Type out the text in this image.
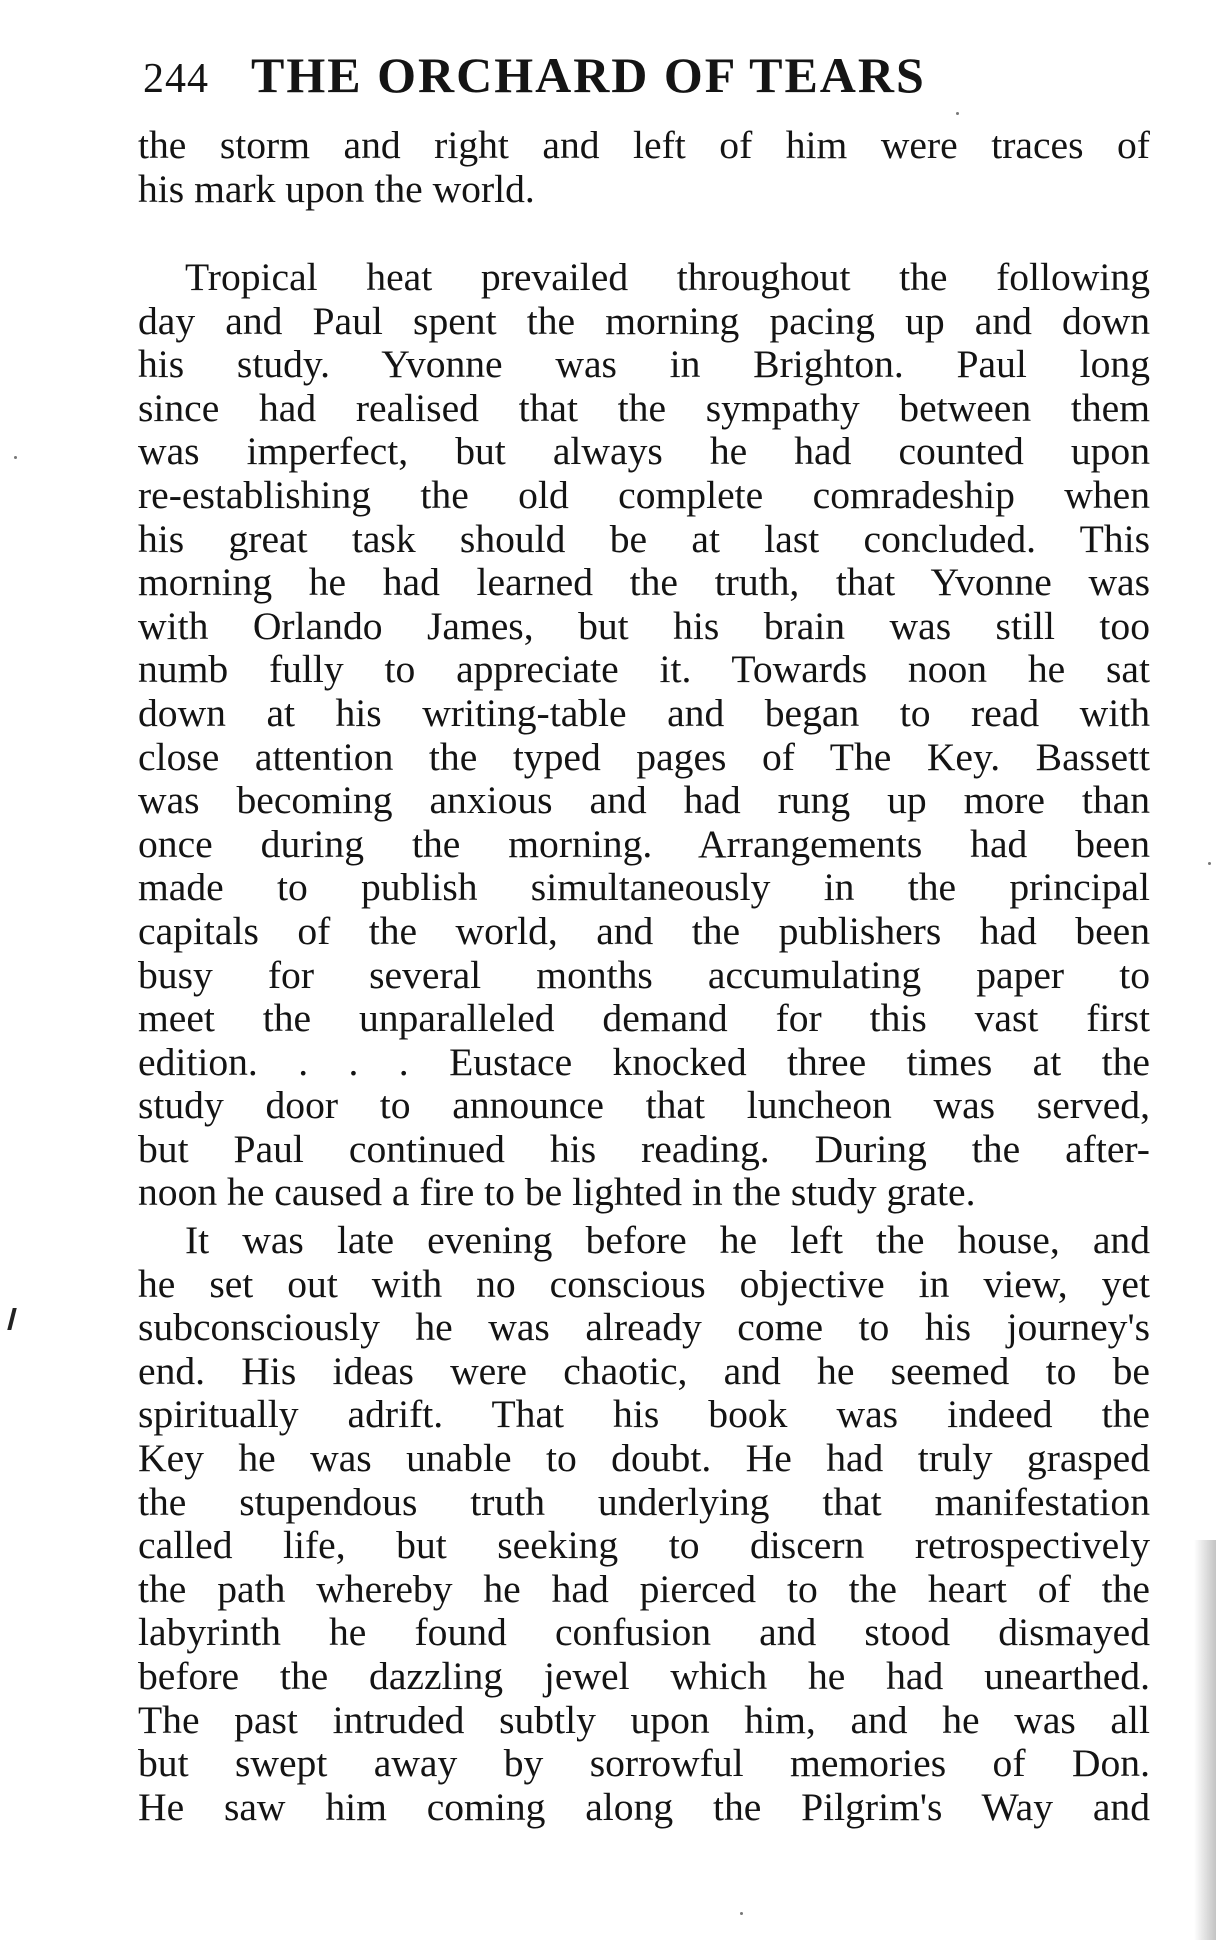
244 THE ORCHARD OF TEARS
the storm and right and left of him were traces of
his mark upon the world.
Tropical heat prevailed throughout the following
day and Paul spent the morning pacing up and down
his study. Yvonne was in Brighton. Paul long
since had realised that the sympathy between them
was imperfect, but always he had counted upon
re-establishing the old complete comradeship when
his great task should be at last concluded. This
morning he had learned the truth, that Yvonne was
with Orlando James, but his brain was still too
numb fully to appreciate it. Towards noon he sat
down at his writing-table and began to read with
close attention the typed pages of The Key. Bassett
was becoming anxious and had rung up more than
once during the morning. Arrangements had been
made to publish simultaneously in the principal
capitals of the world, and the publishers had been
busy for several months accumulating paper to
meet the unparalleled demand for this vast first
edition. . . . Eustace knocked three times at the
study door to announce that luncheon was served,
but Paul continued his reading. During the after-
noon he caused a fire to be lighted in the study grate.
It was late evening before he left the house, and
he set out with no conscious objective in view, yet
subconsciously he was already come to his journey's
end. His ideas were chaotic, and he seemed to be
spiritually adrift. That his book was indeed the
Key he was unable to doubt. He had truly grasped
the stupendous truth underlying that manifestation
called life, but seeking to discern retrospectively
the path whereby he had pierced to the heart of the
labyrinth he found confusion and stood dismayed
before the dazzling jewel which he had unearthed.
The past intruded subtly upon him, and he was all
but swept away by sorrowful memories of Don.
He saw him coming along the Pilgrim's Way and
